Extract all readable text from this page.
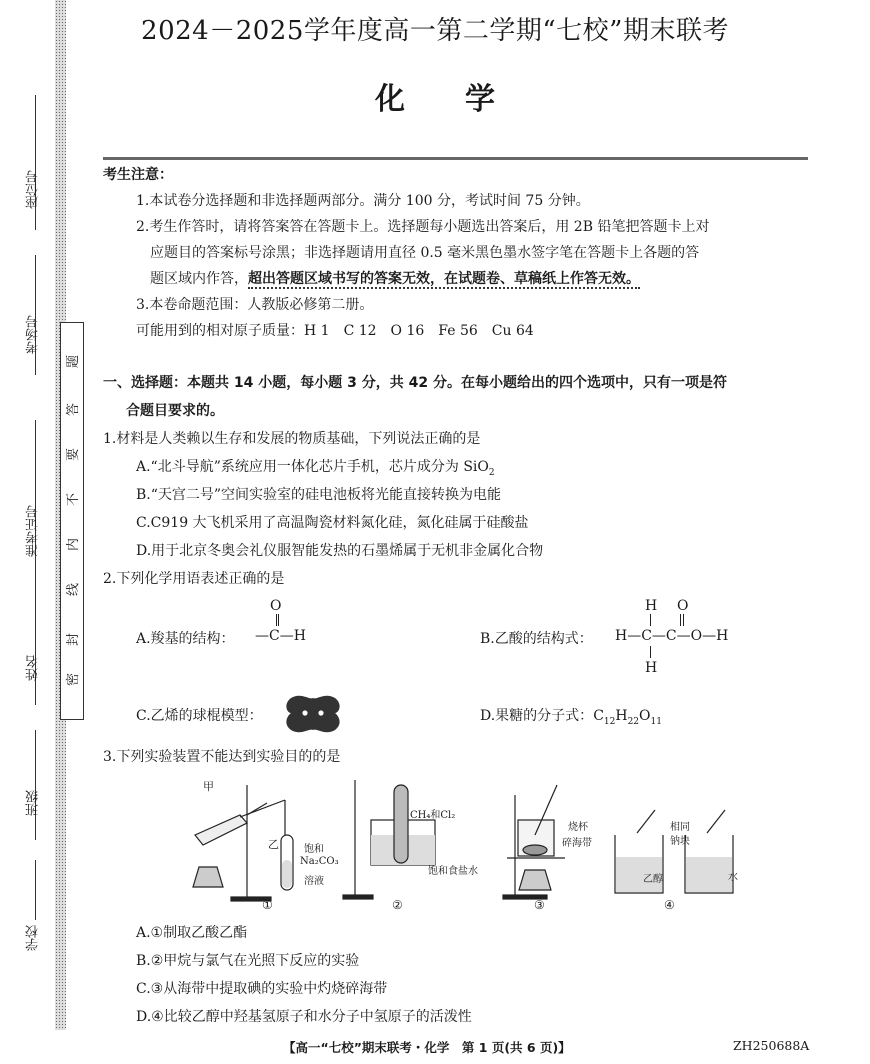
座位号
考场号
准考证号
姓名
班级
学校
密
封
线
内
不
要
答
题
2024－2025学年度高一第二学期“七校”期末联考
化 学
考生注意：
1.本试卷分选择题和非选择题两部分。满分 100 分，考试时间 75 分钟。
2.考生作答时，请将答案答在答题卡上。选择题每小题选出答案后，用 2B 铅笔把答题卡上对
应题目的答案标号涂黑；非选择题请用直径 0.5 毫米黑色墨水签字笔在答题卡上各题的答
题区域内作答，超出答题区域书写的答案无效，在试题卷、草稿纸上作答无效。
3.本卷命题范围：人教版必修第二册。
可能用到的相对原子质量：H 1　C 12　O 16　Fe 56　Cu 64
一、选择题：本题共 14 小题，每小题 3 分，共 42 分。在每小题给出的四个选项中，只有一项是符
合题目要求的。
1.材料是人类赖以生存和发展的物质基础，下列说法正确的是
A.“北斗导航”系统应用一体化芯片手机，芯片成分为 SiO$_2$
B.“天宫二号”空间实验室的硅电池板将光能直接转换为电能
C.C919 大飞机采用了高温陶瓷材料氮化硅，氮化硅属于硅酸盐
D.用于北京冬奥会礼仪服智能发热的石墨烯属于无机非金属化合物
2.下列化学用语表述正确的是
A.羧基的结构：
O
—C—H	B.乙酸的结构式：
H O
H—C—C—O—H
H
C.乙烯的球棍模型：	D.果糖的分子式：$C_{12}H_{22}O_{11}$
3.下列实验装置不能达到实验目的的是
甲
乙	饱和
Na₂CO₃
溶液
CH₄和Cl₂
饱和食盐水
烧杯
碎海带
相同
钠块
乙醇	水
①	②	③	④
A.①制取乙酸乙酯
B.②甲烷与氯气在光照下反应的实验
C.③从海带中提取碘的实验中灼烧碎海带
D.④比较乙醇中羟基氢原子和水分子中氢原子的活泼性
【高一“七校”期末联考・化学　第 1 页(共 6 页)】	ZH250688A
